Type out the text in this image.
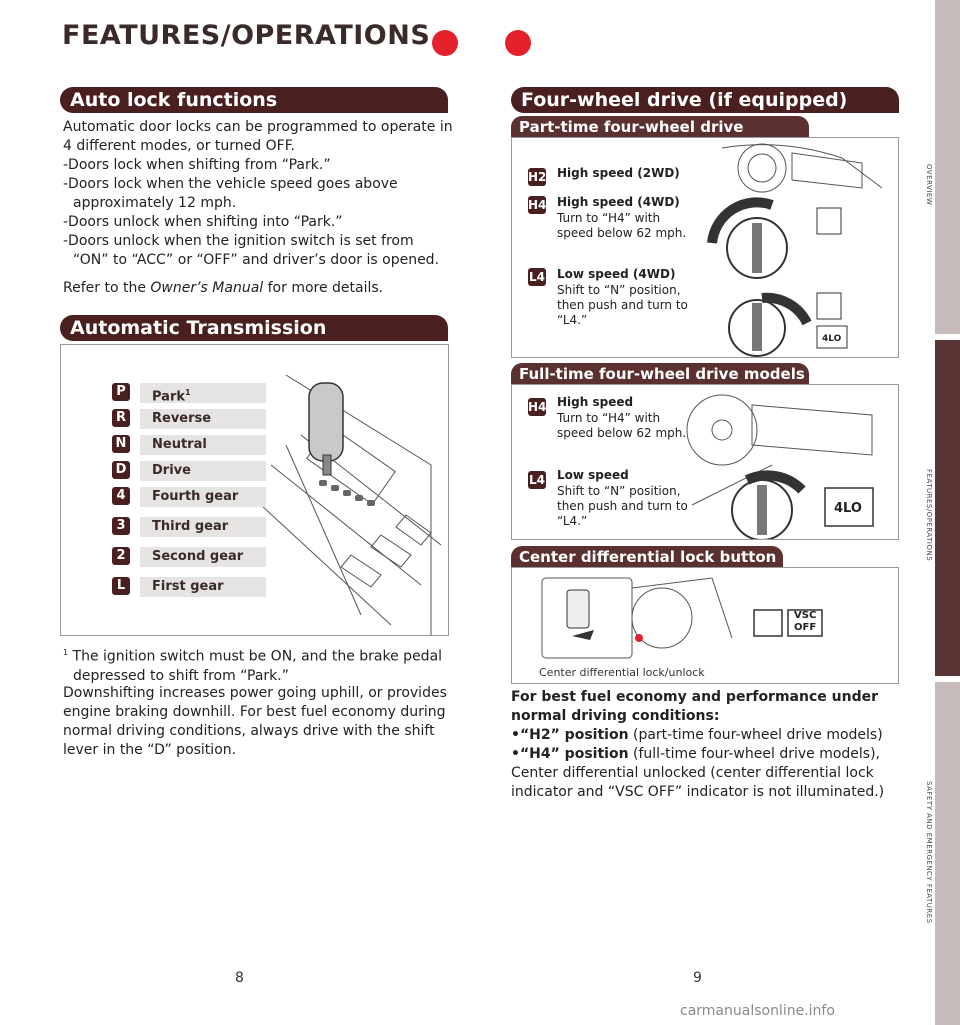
FEATURES/OPERATIONS
Auto lock functions

Automatic door locks can be programmed to operate in 4 different modes, or turned OFF.

-Doors lock when shifting from “Park.”

-Doors lock when the vehicle speed goes above approximately 12 mph.

-Doors unlock when shifting into “Park.”

-Doors unlock when the ignition switch is set from “ON” to “ACC” or “OFF” and driver’s door is opened.

Refer to the Owner’s Manual for more details.

Automatic Transmission
P	Park$^1$
R	Reverse
N	Neutral
D	Drive
4	Fourth gear
3	Third gear
2	Second gear
L	First gear

$^1$ The ignition switch must be ON, and the brake pedal depressed to shift from “Park.”

Downshifting increases power going uphill, or provides engine braking downhill. For best fuel economy during normal driving conditions, always drive with the shift lever in the “D” position.
Four-wheel drive (if equipped)
Part-time four-wheel drive
4LO
H2 High speed (2WD)
H4 High speed (4WD)
Turn to “H4” with speed below 62 mph.
L4 Low speed (4WD)
Shift to “N” position, then push and turn to “L4.”
Full-time four-wheel drive models
4LO
H4 High speed
Turn to “H4” with speed below 62 mph.
L4 Low speed
Shift to “N” position, then push and turn to “L4.”
Center differential lock button
VSC
OFF
Center differential lock/unlock

For best fuel economy and performance under normal driving conditions:

•“H2” position (part-time four-wheel drive models)

•“H4” position (full-time four-wheel drive models),

Center differential unlocked (center differential lock indicator and “VSC OFF” indicator is not illuminated.)

OVERVIEW
FEATURES/OPERATIONS
SAFETY AND EMERGENCY FEATURES
8	9
carmanualsonline.info
